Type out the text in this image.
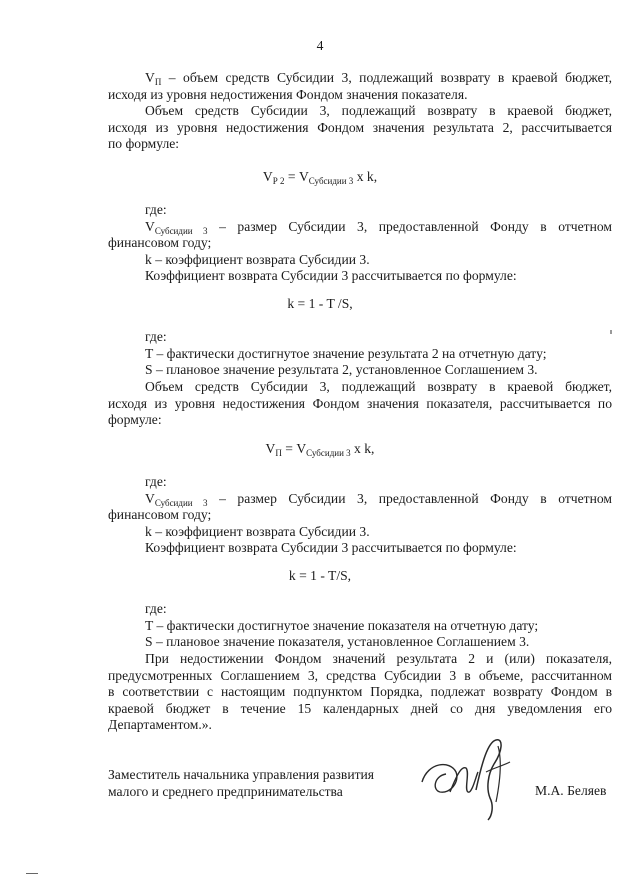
4

$V_П$ – объем средств Субсидии 3, подлежащий возврату в краевой бюджет,

исходя из уровня недостижения Фондом значения показателя.

Объем средств Субсидии 3, подлежащий возврату в краевой бюджет,

исходя из уровня недостижения Фондом значения результата 2, рассчитывается

по формуле:

$V_{Р 2} = V_{Субсидии 3}$ x k,

где:

$V_{Субсидии 3}$ – размер Субсидии 3, предоставленной Фонду в отчетном

финансовом году;

k – коэффициент возврата Субсидии 3.

Коэффициент возврата Субсидии 3 рассчитывается по формуле:

k = 1 - T /S,

где:

T – фактически достигнутое значение результата 2 на отчетную дату;

S – плановое значение результата 2, установленное Соглашением 3.

Объем средств Субсидии 3, подлежащий возврату в краевой бюджет,

исходя из уровня недостижения Фондом значения показателя, рассчитывается по

формуле:

$V_П = V_{Субсидии 3}$ x k,

где:

$V_{Субсидии 3}$ – размер Субсидии 3, предоставленной Фонду в отчетном

финансовом году;

k – коэффициент возврата Субсидии 3.

Коэффициент возврата Субсидии 3 рассчитывается по формуле:

k = 1 - T/S,

где:

T – фактически достигнутое значение показателя на отчетную дату;

S – плановое значение показателя, установленное Соглашением 3.

При недостижении Фондом значений результата 2 и (или) показателя,

предусмотренных Соглашением 3, средства Субсидии 3 в объеме, рассчитанном

в соответствии с настоящим подпунктом Порядка, подлежат возврату Фондом в

краевой бюджет в течение 15 календарных дней со дня уведомления его

Департаментом.».

Заместитель начальника управления развития
малого и среднего предпринимательства	М.А. Беляев
